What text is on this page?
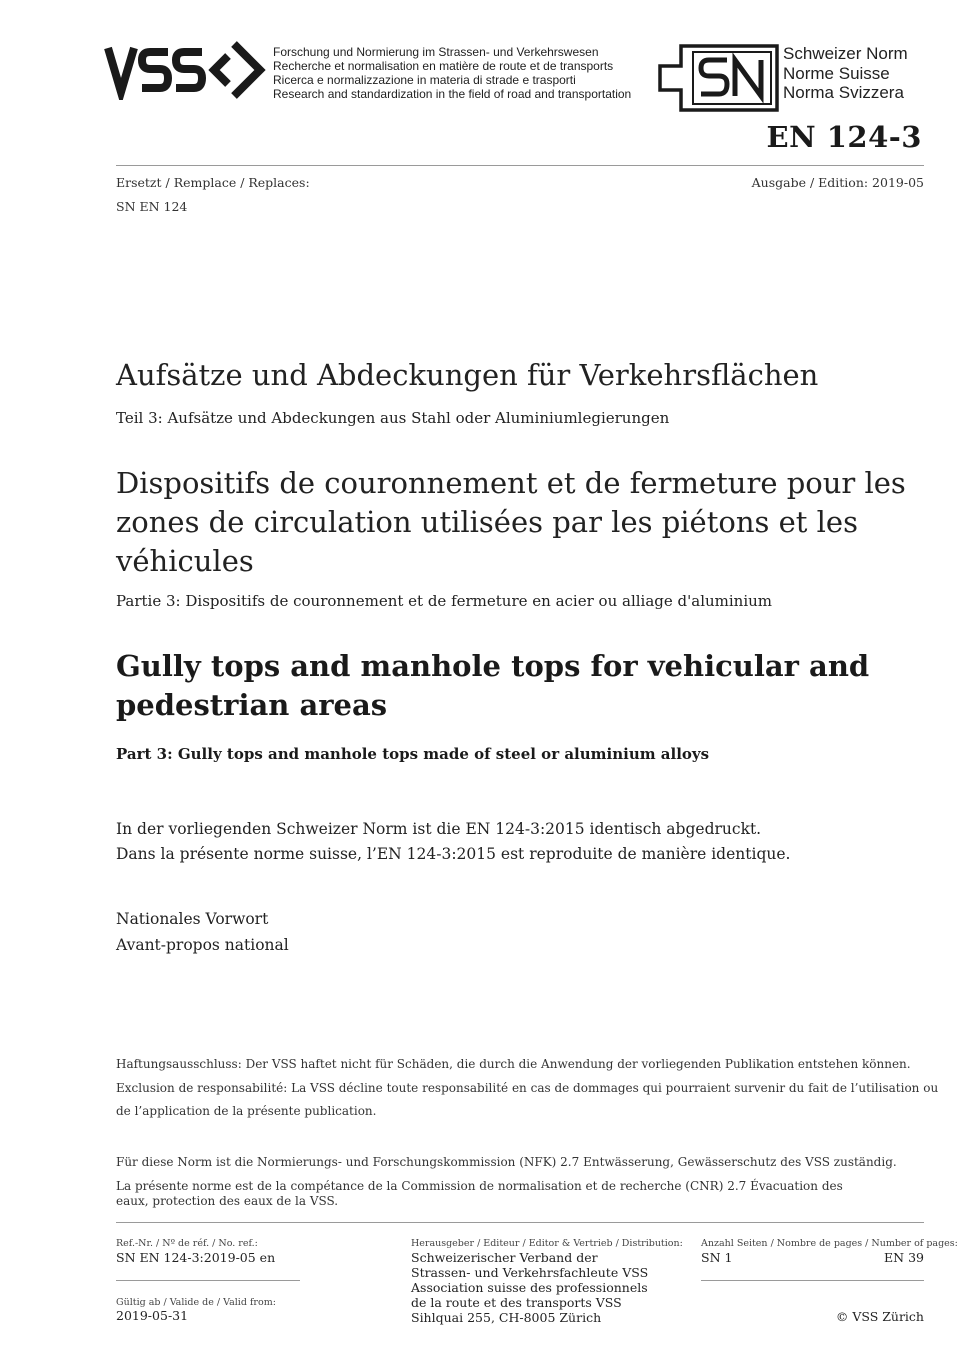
Forschung und Normierung im Strassen- und Verkehrswesen
Recherche et normalisation en matière de route et de transports
Ricerca e normalizzazione in materia di strade e trasporti
Research and standardization in the field of road and transportation
Schweizer Norm
Norme Suisse
Norma Svizzera
EN 124-3
Ersetzt / Remplace / Replaces:
SN EN 124
Ausgabe / Edition: 2019-05
Aufsätze und Abdeckungen für Verkehrsflächen
Teil 3: Aufsätze und Abdeckungen aus Stahl oder Aluminiumlegierungen
Dispositifs de couronnement et de fermeture pour les zones de circulation utilisées par les piétons et les véhicules
Partie 3: Dispositifs de couronnement et de fermeture en acier ou alliage d'aluminium
Gully tops and manhole tops for vehicular and pedestrian areas
Part 3: Gully tops and manhole tops made of steel or aluminium alloys
In der vorliegenden Schweizer Norm ist die EN 124-3:2015 identisch abgedruckt.
Dans la présente norme suisse, l’EN 124-3:2015 est reproduite de manière identique.
Nationales Vorwort
Avant-propos national
Haftungsausschluss: Der VSS haftet nicht für Schäden, die durch die Anwendung der vorliegenden Publikation entstehen können.
Exclusion de responsabilité: La VSS décline toute responsabilité en cas de dommages qui pourraient survenir du fait de l’utilisation ou
de l’application de la présente publication.
Für diese Norm ist die Normierungs- und Forschungskommission (NFK) 2.7 Entwässerung, Gewässerschutz des VSS zuständig.
La présente norme est de la compétance de la Commission de normalisation et de recherche (CNR) 2.7 Évacuation des eaux, protection des eaux de la VSS.
Ref.-Nr. / Nº de réf. / No. ref.:
SN EN 124-3:2019-05 en
Gültig ab / Valide de / Valid from:
2019-05-31
Herausgeber / Editeur / Editor & Vertrieb / Distribution:
Schweizerischer Verband der
Strassen- und Verkehrsfachleute VSS
Association suisse des professionnels
de la route et des transports VSS
Sihlquai 255, CH-8005 Zürich
Anzahl Seiten / Nombre de pages / Number of pages:
SN 1	EN 39
© VSS Zürich
